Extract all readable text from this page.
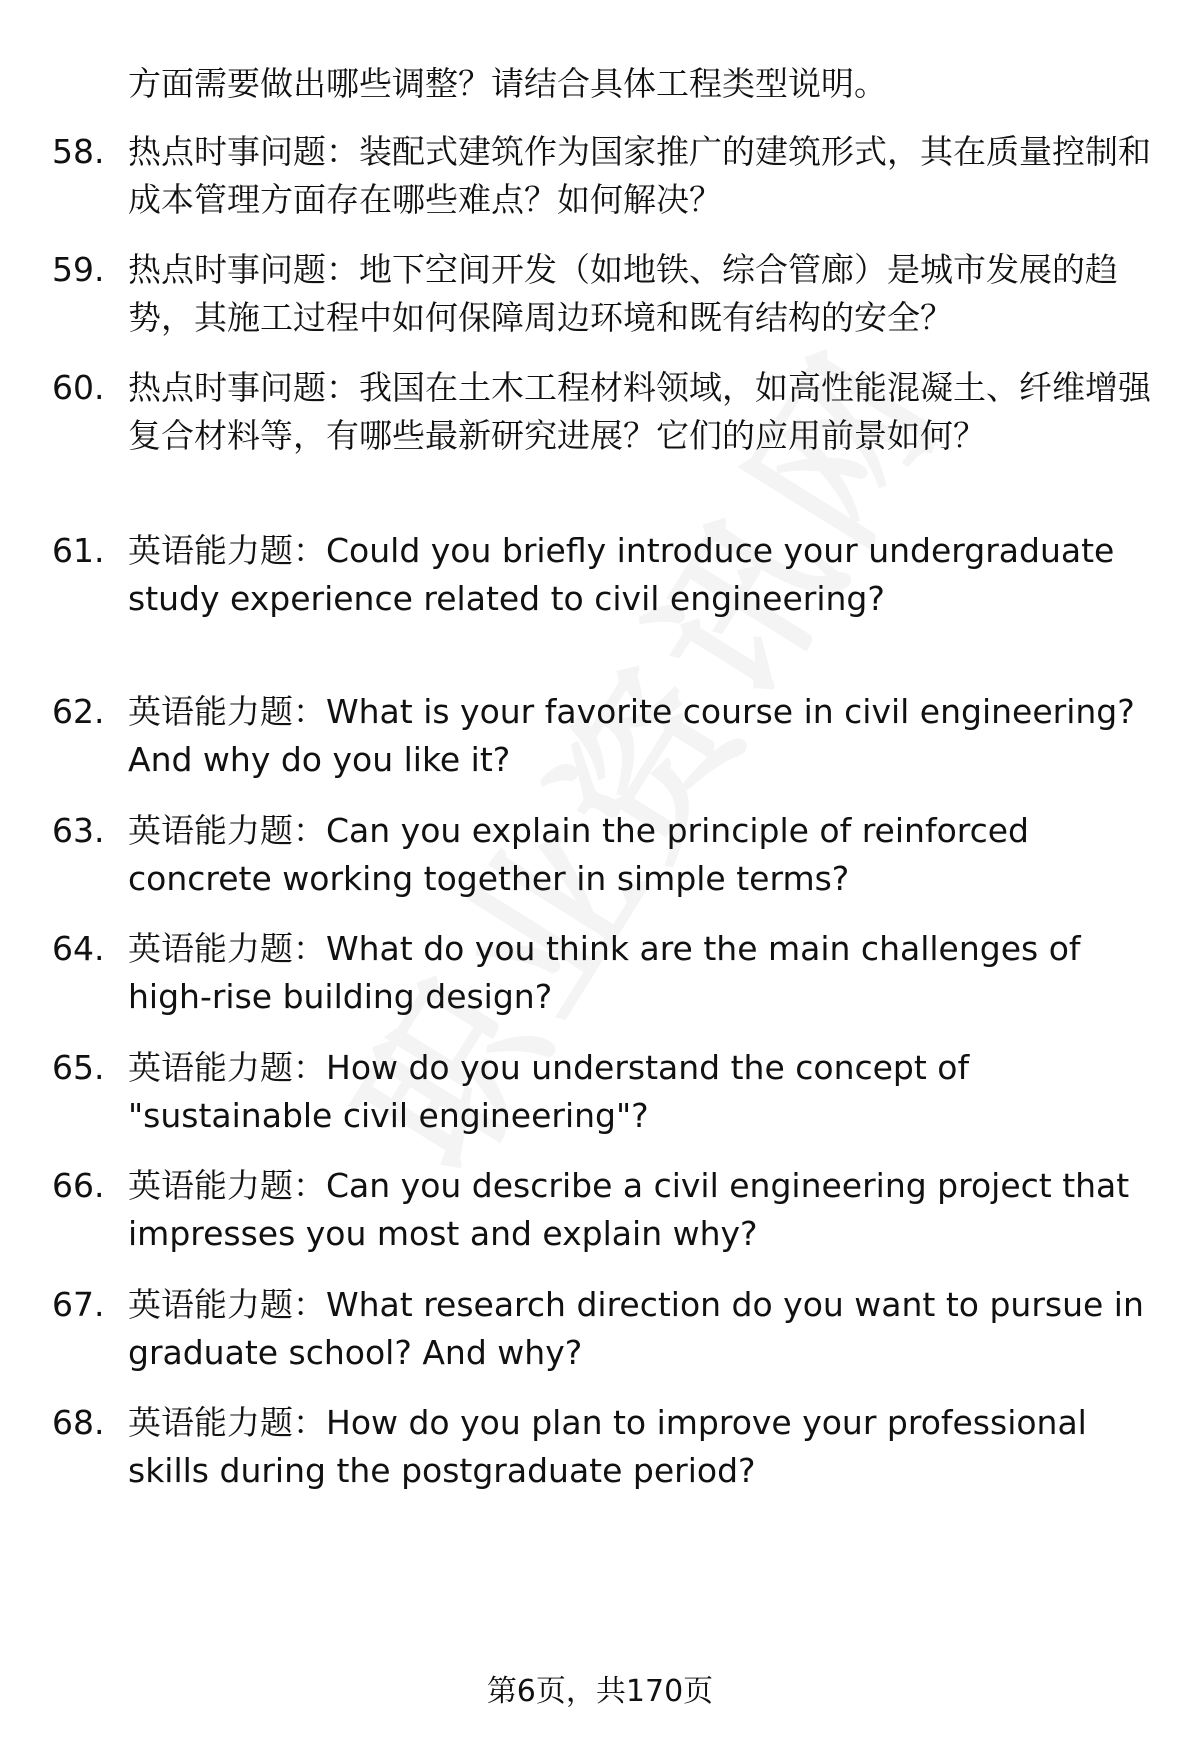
方面需要做出哪些调整？请结合具体工程类型说明。
58. 热点时事问题：装配式建筑作为国家推广的建筑形式，其在质量控制和成本管理方面存在哪些难点？如何解决？
59. 热点时事问题：地下空间开发（如地铁、综合管廊）是城市发展的趋势，其施工过程中如何保障周边环境和既有结构的安全？
60. 热点时事问题：我国在土木工程材料领域，如高性能混凝土、纤维增强复合材料等，有哪些最新研究进展？它们的应用前景如何？
61. 英语能力题：Could you briefly introduce your undergraduate study experience related to civil engineering?
62. 英语能力题：What is your favorite course in civil engineering? And why do you like it?
63. 英语能力题：Can you explain the principle of reinforced concrete working together in simple terms?
64. 英语能力题：What do you think are the main challenges of high-rise building design?
65. 英语能力题：How do you understand the concept of "sustainable civil engineering"?
66. 英语能力题：Can you describe a civil engineering project that impresses you most and explain why?
67. 英语能力题：What research direction do you want to pursue in graduate school? And why?
68. 英语能力题：How do you plan to improve your professional skills during the postgraduate period?
第6页，共170页
